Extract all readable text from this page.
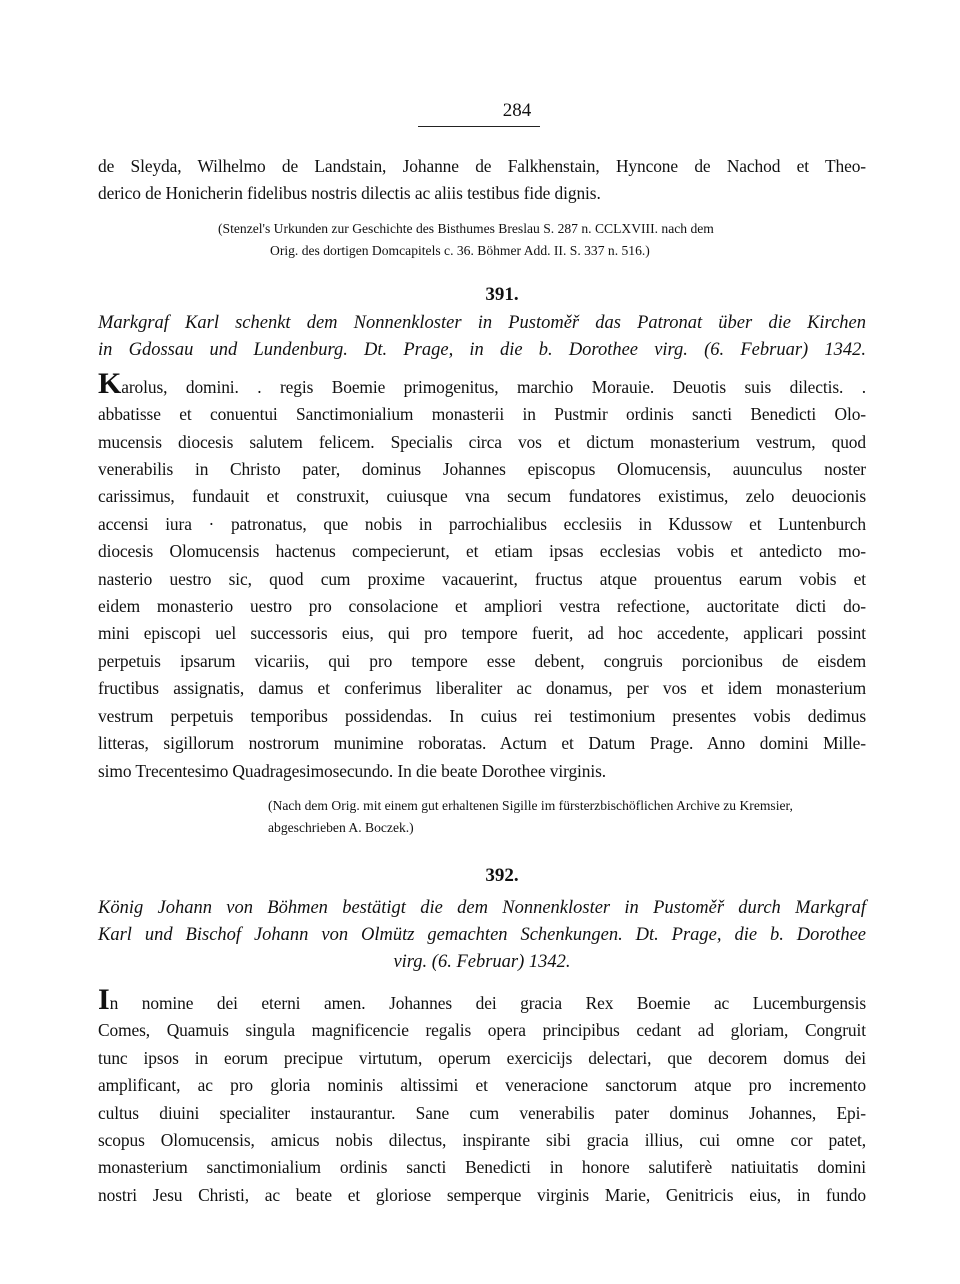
284
de Sleyda, Wilhelmo de Landstain, Johanne de Falkhenstain, Hyncone de Nachod et Theo-
derico de Honicherin fidelibus nostris dilectis ac aliis testibus fide dignis.
(Stenzel's Urkunden zur Geschichte des Bisthumes Breslau S. 287 n. CCLXVIII. nach dem
Orig. des dortigen Domcapitels c. 36. Böhmer Add. II. S. 337 n. 516.)
391.
Markgraf Karl schenkt dem Nonnenkloster in Pustoměř das Patronat über die Kirchen
in Gdossau und Lundenburg. Dt. Prage, in die b. Dorothee virg. (6. Februar) 1342.
Karolus, domini. . regis Boemie primogenitus, marchio Morauie. Deuotis suis dilectis. .
abbatisse et conuentui Sanctimonialium monasterii in Pustmir ordinis sancti Benedicti Olo-
mucensis diocesis salutem felicem. Specialis circa vos et dictum monasterium vestrum, quod
venerabilis in Christo pater, dominus Johannes episcopus Olomucensis, auunculus noster
carissimus, fundauit et construxit, cuiusque vna secum fundatores existimus, zelo deuocionis
accensi iura · patronatus, que nobis in parrochialibus ecclesiis in Kdussow et Luntenburch
diocesis Olomucensis hactenus compecierunt, et etiam ipsas ecclesias vobis et antedicto mo-
nasterio uestro sic, quod cum proxime vacauerint, fructus atque prouentus earum vobis et
eidem monasterio uestro pro consolacione et ampliori vestra refectione, auctoritate dicti do-
mini episcopi uel successoris eius, qui pro tempore fuerit, ad hoc accedente, applicari possint
perpetuis ipsarum vicariis, qui pro tempore esse debent, congruis porcionibus de eisdem
fructibus assignatis, damus et conferimus liberaliter ac donamus, per vos et idem monasterium
vestrum perpetuis temporibus possidendas. In cuius rei testimonium presentes vobis dedimus
litteras, sigillorum nostrorum munimine roboratas. Actum et Datum Prage. Anno domini Mille-
simo Trecentesimo Quadragesimosecundo. In die beate Dorothee virginis.
(Nach dem Orig. mit einem gut erhaltenen Sigille im fürsterzbischöflichen Archive zu Kremsier,
abgeschrieben A. Boczek.)
392.
König Johann von Böhmen bestätigt die dem Nonnenkloster in Pustoměř durch Markgraf
Karl und Bischof Johann von Olmütz gemachten Schenkungen. Dt. Prage, die b. Dorothee
virg. (6. Februar) 1342.
In nomine dei eterni amen. Johannes dei gracia Rex Boemie ac Lucemburgensis
Comes, Quamuis singula magnificencie regalis opera principibus cedant ad gloriam, Congruit
tunc ipsos in eorum precipue virtutum, operum exercicijs delectari, que decorem domus dei
amplificant, ac pro gloria nominis altissimi et veneracione sanctorum atque pro incremento
cultus diuini specialiter instaurantur. Sane cum venerabilis pater dominus Johannes, Epi-
scopus Olomucensis, amicus nobis dilectus, inspirante sibi gracia illius, cui omne cor patet,
monasterium sanctimonialium ordinis sancti Benedicti in honore salutiferè natiuitatis domini
nostri Jesu Christi, ac beate et gloriose semperque virginis Marie, Genitricis eius, in fundo
